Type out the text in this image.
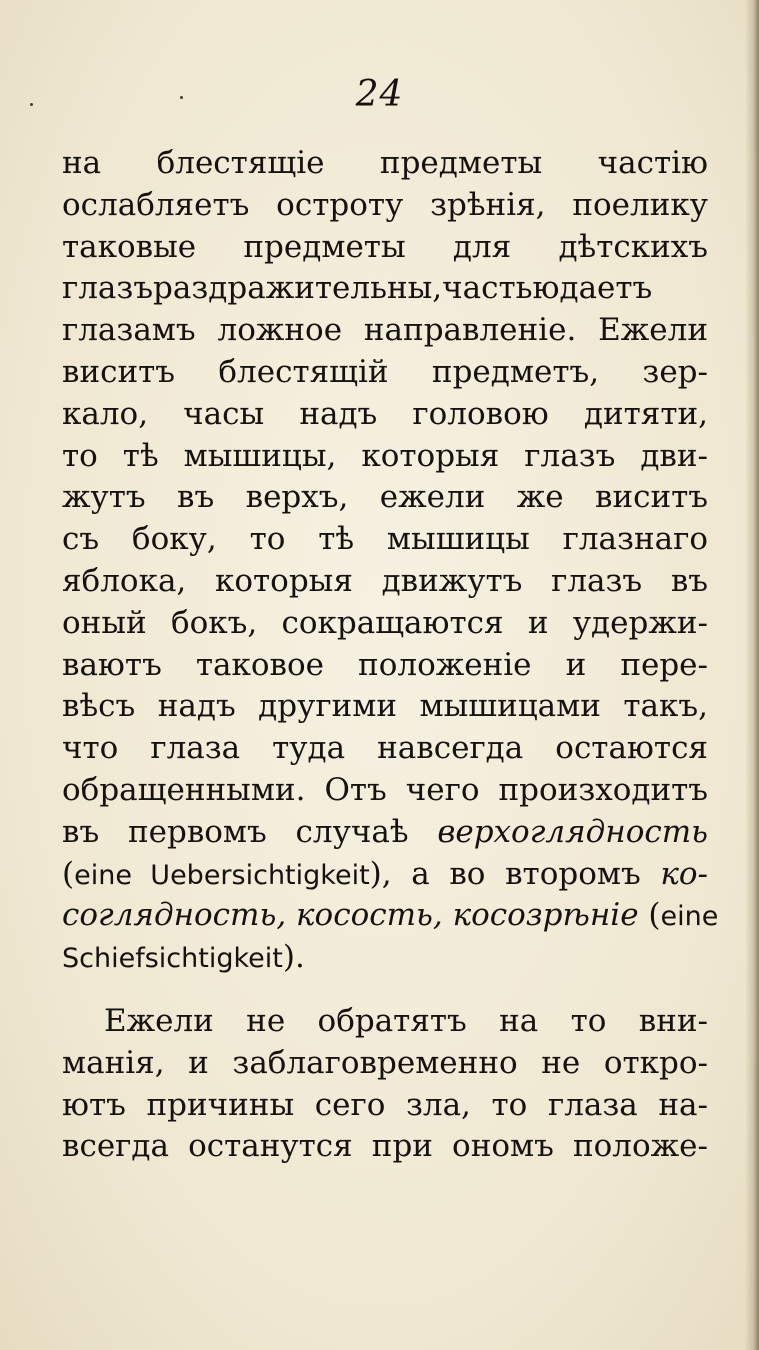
24
на блестящіе предметы частію
ослабляетъ остроту зрѣнія, поелику
таковые предметы для дѣтскихъ
глазъраздражительны,частьюдаетъ
глазамъ ложное направленіе. Ежели
виситъ блестящій предметъ, зер-
кало, часы надъ головою дитяти,
то тѣ мышицы, которыя глазъ дви-
жутъ въ верхъ, ежели же виситъ
съ боку, то тѣ мышицы глазнаго
яблока, которыя движутъ глазъ въ
оный бокъ, сокращаются и удержи-
ваютъ таковое положеніе и пере-
вѣсъ надъ другими мышицами такъ,
что глаза туда навсегда остаются
обращенными. Отъ чего произходитъ
въ первомъ случаѣ верхоглядность
(eine Uebersichtigkeit), а во второмъ ко-
соглядность, косость, косозрѣніе (eine
Schiefsichtigkeit).
Ежели не обратятъ на то вни-
манія, и заблаговременно не откро-
ютъ причины сего зла, то глаза на-
всегда останутся при ономъ положе-
